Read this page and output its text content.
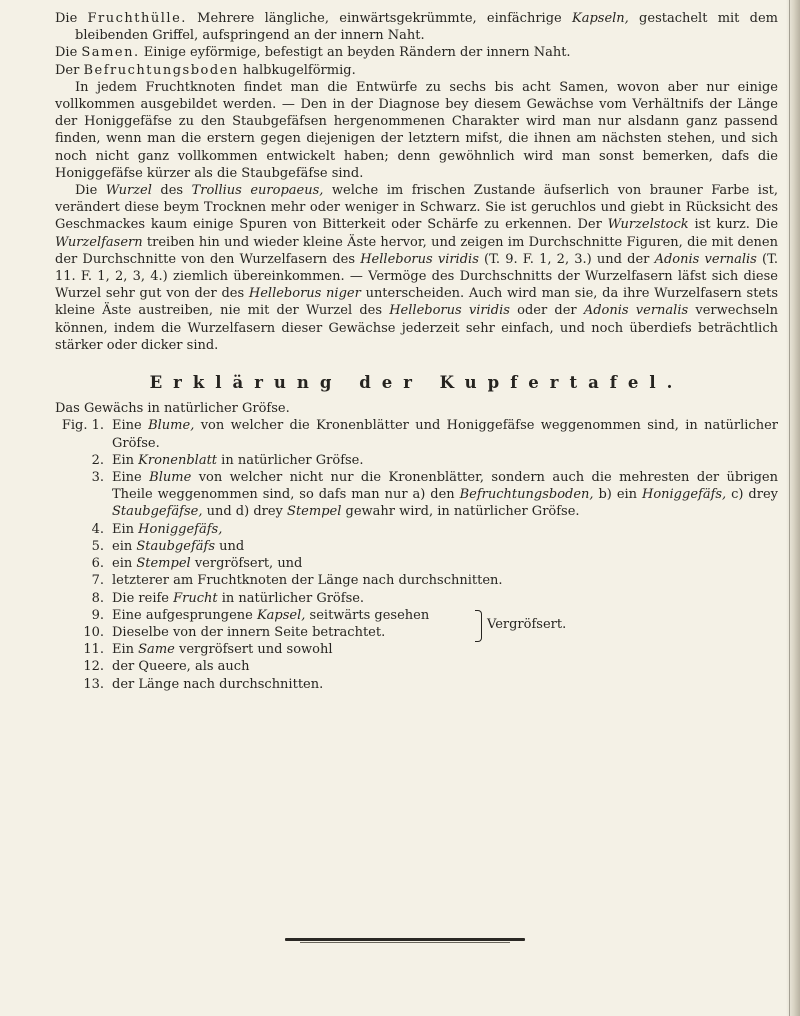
Die Fruchthülle. Mehrere längliche, einwärtsgekrümmte, einfächrige Kapseln, gestachelt mit dem bleibenden Griffel, aufspringend an der innern Naht.

Die Samen. Einige eyförmige, befestigt an beyden Rändern der innern Naht.

Der Befruchtungsboden halbkugelförmig.

In jedem Fruchtknoten findet man die Entwürfe zu sechs bis acht Samen, wovon aber nur einige vollkommen ausgebildet werden. — Den in der Diagnose bey diesem Gewächse vom Verhältnifs der Länge der Honiggefäfse zu den Staubgefäfsen hergenommenen Charakter wird man nur alsdann ganz passend finden, wenn man die erstern gegen diejenigen der letztern mifst, die ihnen am nächsten stehen, und sich noch nicht ganz vollkommen entwickelt haben; denn gewöhnlich wird man sonst bemerken, dafs die Honiggefäfse kürzer als die Staubgefäfse sind.

Die Wurzel des Trollius europaeus, welche im frischen Zustande äufserlich von brauner Farbe ist, verändert diese beym Trocknen mehr oder weniger in Schwarz. Sie ist geruchlos und giebt in Rücksicht des Geschmackes kaum einige Spuren von Bitterkeit oder Schärfe zu erkennen. Der Wurzelstock ist kurz. Die Wurzelfasern treiben hin und wieder kleine Äste hervor, und zeigen im Durchschnitte Figuren, die mit denen der Durchschnitte von den Wurzelfasern des Helleborus viridis (T. 9. F. 1, 2, 3.) und der Adonis vernalis (T. 11. F. 1, 2, 3, 4.) ziemlich übereinkommen. — Vermöge des Durchschnitts der Wurzelfasern läfst sich diese Wurzel sehr gut von der des Helleborus niger unterscheiden. Auch wird man sie, da ihre Wurzelfasern stets kleine Äste austreiben, nie mit der Wurzel des Helleborus viridis oder der Adonis vernalis verwechseln können, indem die Wurzelfasern dieser Gewächse jederzeit sehr einfach, und noch überdiefs beträchtlich stärker oder dicker sind.

Erklärung der Kupfertafel.

Das Gewächs in natürlicher Gröfse.

Fig. 1. Eine Blume, von welcher die Kronenblätter und Honiggefäfse weggenommen sind, in natürlicher Gröfse.

2. Ein Kronenblatt in natürlicher Gröfse.

3. Eine Blume von welcher nicht nur die Kronenblätter, sondern auch die mehresten der übrigen Theile weggenommen sind, so dafs man nur a) den Befruchtungsboden, b) ein Honiggefäfs, c) drey Staubgefäfse, und d) drey Stempel gewahr wird, in natürlicher Gröfse.

4. Ein Honiggefäfs,

5. ein Staubgefäfs und

6. ein Stempel vergröfsert, und

7. letzterer am Fruchtknoten der Länge nach durchschnitten.

8. Die reife Frucht in natürlicher Gröfse.

9. Eine aufgesprungene Kapsel, seitwärts gesehen

10. Dieselbe von der innern Seite betrachtet.

Vergröfsert.

11. Ein Same vergröfsert und sowohl

12. der Queere, als auch

13. der Länge nach durchschnitten.
